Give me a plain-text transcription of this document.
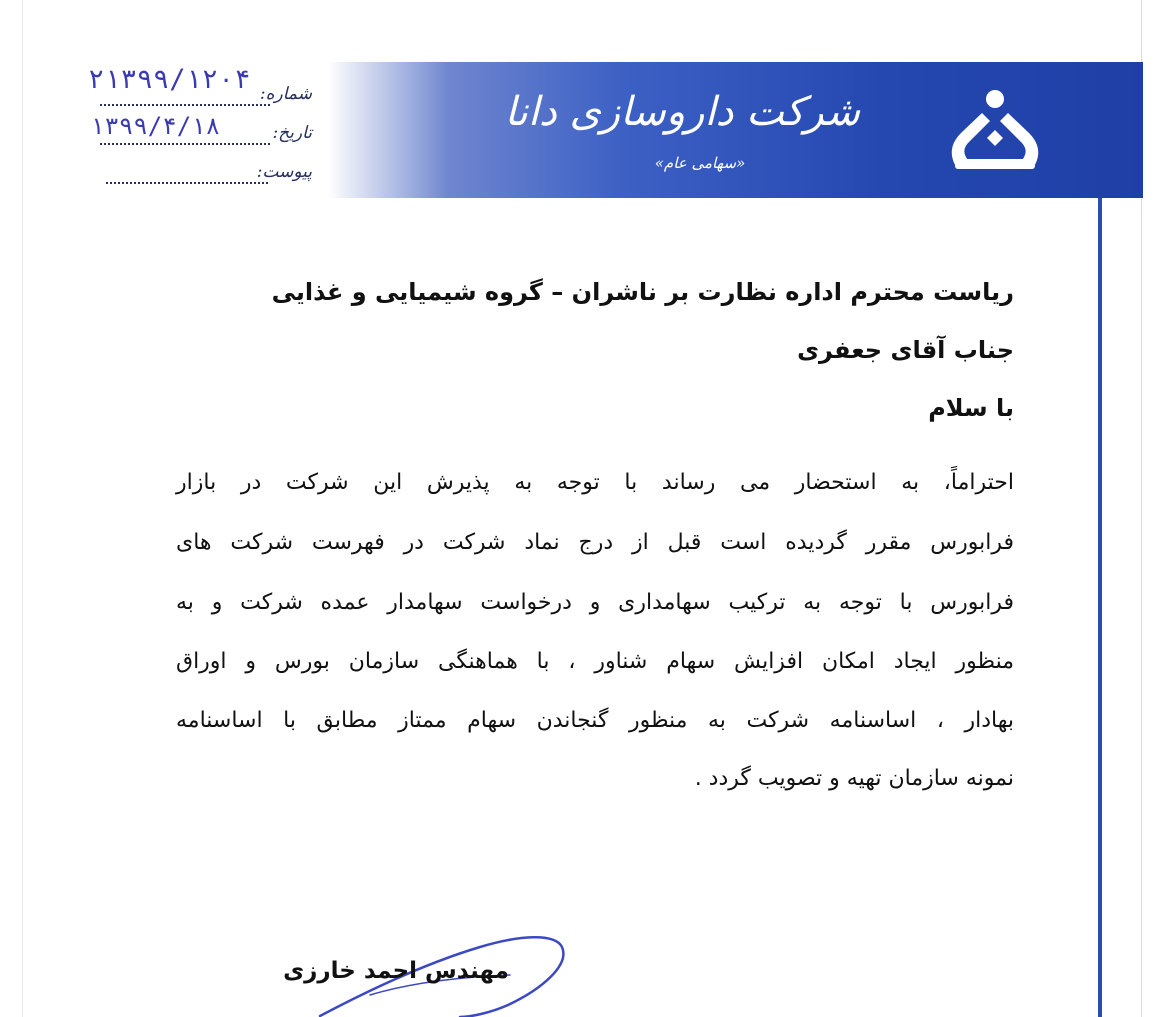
شرکت داروسازی دانا
«سهامی عام»
شماره:
۲۱۳۹۹/۱۲۰۴
تاریخ:
۱۳۹۹/۴/۱۸
پیوست:
ریاست محترم اداره نظارت بر ناشران – گروه شیمیایی و غذایی
جناب آقای جعفری
با سلام
احتراماً، به استحضار می رساند با توجه به پذیرش این شرکت در بازار
فرابورس مقرر گردیده است قبل از درج نماد شرکت در فهرست شرکت های
فرابورس با توجه به ترکیب سهامداری و درخواست سهامدار عمده شرکت و به
منظور ایجاد امکان افزایش سهام شناور ، با هماهنگی سازمان بورس و اوراق
بهادار ، اساسنامه شرکت به منظور گنجاندن سهام ممتاز مطابق با اساسنامه
نمونه سازمان تهیه و تصویب گردد .
مهندس احمد خارزی
